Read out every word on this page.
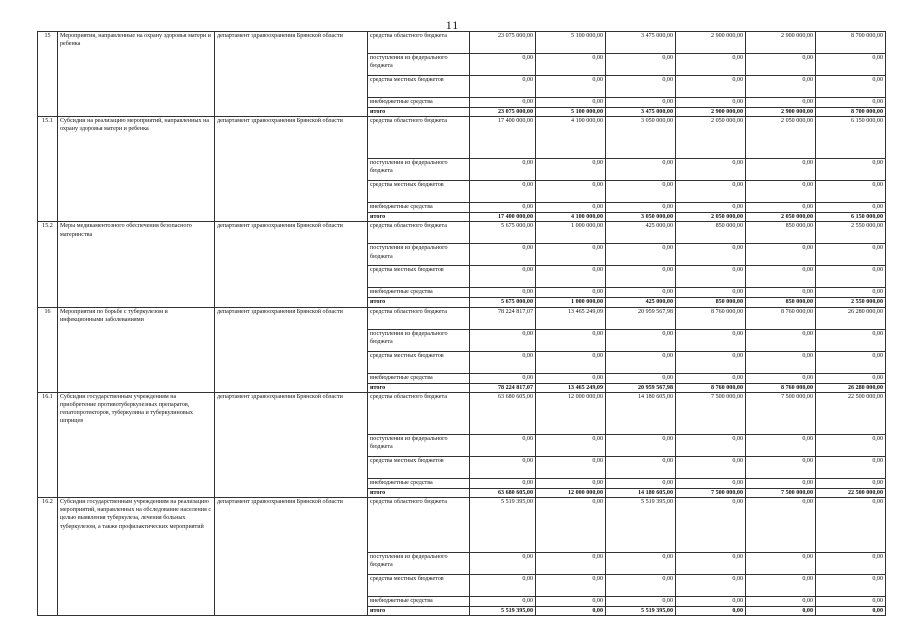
11
15	Мероприятия, направленные на охрану здоровья матери и ребенка	департамент здравоохранения Брянской области	средства областного бюджета	23 075 000,00	5 100 000,00	3 475 000,00	2 900 000,00	2 900 000,00	8 700 000,00
			поступления из федерального бюджета	0,00	0,00	0,00	0,00	0,00	0,00
			средства местных бюджетов	0,00	0,00	0,00	0,00	0,00	0,00
			внебюджетные средства	0,00	0,00	0,00	0,00	0,00	0,00
			итого	23 075 000,00	5 100 000,00	3 475 000,00	2 900 000,00	2 900 000,00	8 700 000,00
15.1	Субсидии на реализацию мероприятий, направленных на охрану здоровья матери и ребенка	департамент здравоохранения Брянской области	средства областного бюджета	17 400 000,00	4 100 000,00	3 050 000,00	2 050 000,00	2 050 000,00	6 150 000,00
			поступления из федерального бюджета	0,00	0,00	0,00	0,00	0,00	0,00
			средства местных бюджетов	0,00	0,00	0,00	0,00	0,00	0,00
			внебюджетные средства	0,00	0,00	0,00	0,00	0,00	0,00
			итого	17 400 000,00	4 100 000,00	3 050 000,00	2 050 000,00	2 050 000,00	6 150 000,00
15.2	Меры медикаментозного обеспечения безопасного материнства	департамент здравоохранения Брянской области	средства областного бюджета	5 675 000,00	1 000 000,00	425 000,00	850 000,00	850 000,00	2 550 000,00
			поступления из федерального бюджета	0,00	0,00	0,00	0,00	0,00	0,00
			средства местных бюджетов	0,00	0,00	0,00	0,00	0,00	0,00
			внебюджетные средства	0,00	0,00	0,00	0,00	0,00	0,00
			итого	5 675 000,00	1 000 000,00	425 000,00	850 000,00	850 000,00	2 550 000,00
16	Мероприятия по борьбе с туберкулезом и инфекционными заболеваниями	департамент здравоохранения Брянской области	средства областного бюджета	78 224 817,07	13 465 249,09	20 959 567,98	8 760 000,00	8 760 000,00	26 280 000,00
			поступления из федерального бюджета	0,00	0,00	0,00	0,00	0,00	0,00
			средства местных бюджетов	0,00	0,00	0,00	0,00	0,00	0,00
			внебюджетные средства	0,00	0,00	0,00	0,00	0,00	0,00
			итого	78 224 817,07	13 465 249,09	20 959 567,98	8 760 000,00	8 760 000,00	26 280 000,00
16.1	Субсидии государственным учреждениям на приобретение противотуберкулезных препаратов, гепатопротекторов, туберкулина и туберкулиновых шприцев	департамент здравоохранения Брянской области	средства областного бюджета	63 680 605,00	12 000 000,00	14 180 605,00	7 500 000,00	7 500 000,00	22 500 000,00
			поступления из федерального бюджета	0,00	0,00	0,00	0,00	0,00	0,00
			средства местных бюджетов	0,00	0,00	0,00	0,00	0,00	0,00
			внебюджетные средства	0,00	0,00	0,00	0,00	0,00	0,00
			итого	63 680 605,00	12 000 000,00	14 180 605,00	7 500 000,00	7 500 000,00	22 500 000,00
16.2	Субсидии государственным учреждениям на реализацию мероприятий, направленных на обследование населения с целью выявления туберкулеза, лечения больных туберкулезом, а также профилактических мероприятий	департамент здравоохранения Брянской области	средства областного бюджета	5 519 395,00	0,00	5 519 395,00	0,00	0,00	0,00
			поступления из федерального бюджета	0,00	0,00	0,00	0,00	0,00	0,00
			средства местных бюджетов	0,00	0,00	0,00	0,00	0,00	0,00
			внебюджетные средства	0,00	0,00	0,00	0,00	0,00	0,00
			итого	5 519 395,00	0,00	5 519 395,00	0,00	0,00	0,00
